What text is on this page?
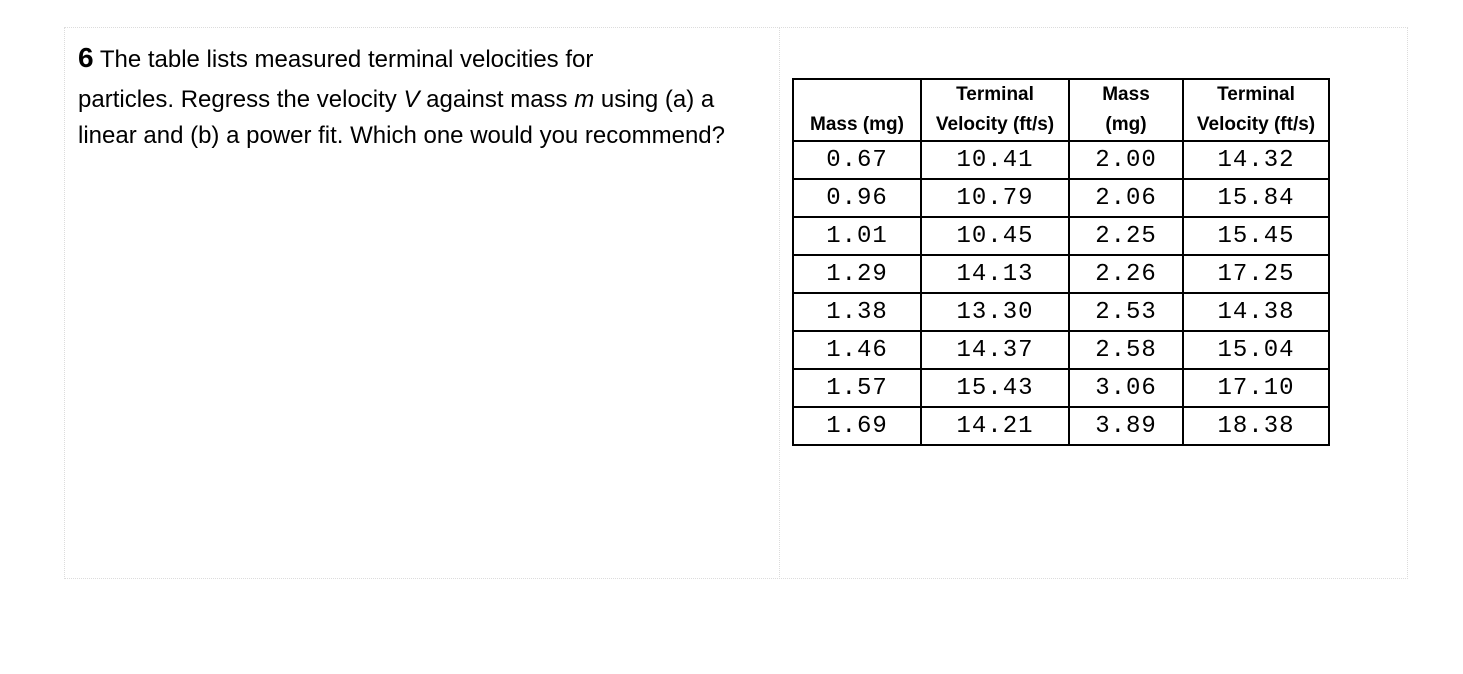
6 The table lists measured terminal velocities for
particles. Regress the velocity V against mass m using (a) a linear and (b) a power fit. Which one would you recommend?	Mass (mg)	Terminal
Velocity (ft/s)	Mass
(mg)	Terminal
Velocity (ft/s)
0.67	10.41	2.00	14.32
0.96	10.79	2.06	15.84
1.01	10.45	2.25	15.45
1.29	14.13	2.26	17.25
1.38	13.30	2.53	14.38
1.46	14.37	2.58	15.04
1.57	15.43	3.06	17.10
1.69	14.21	3.89	18.38
